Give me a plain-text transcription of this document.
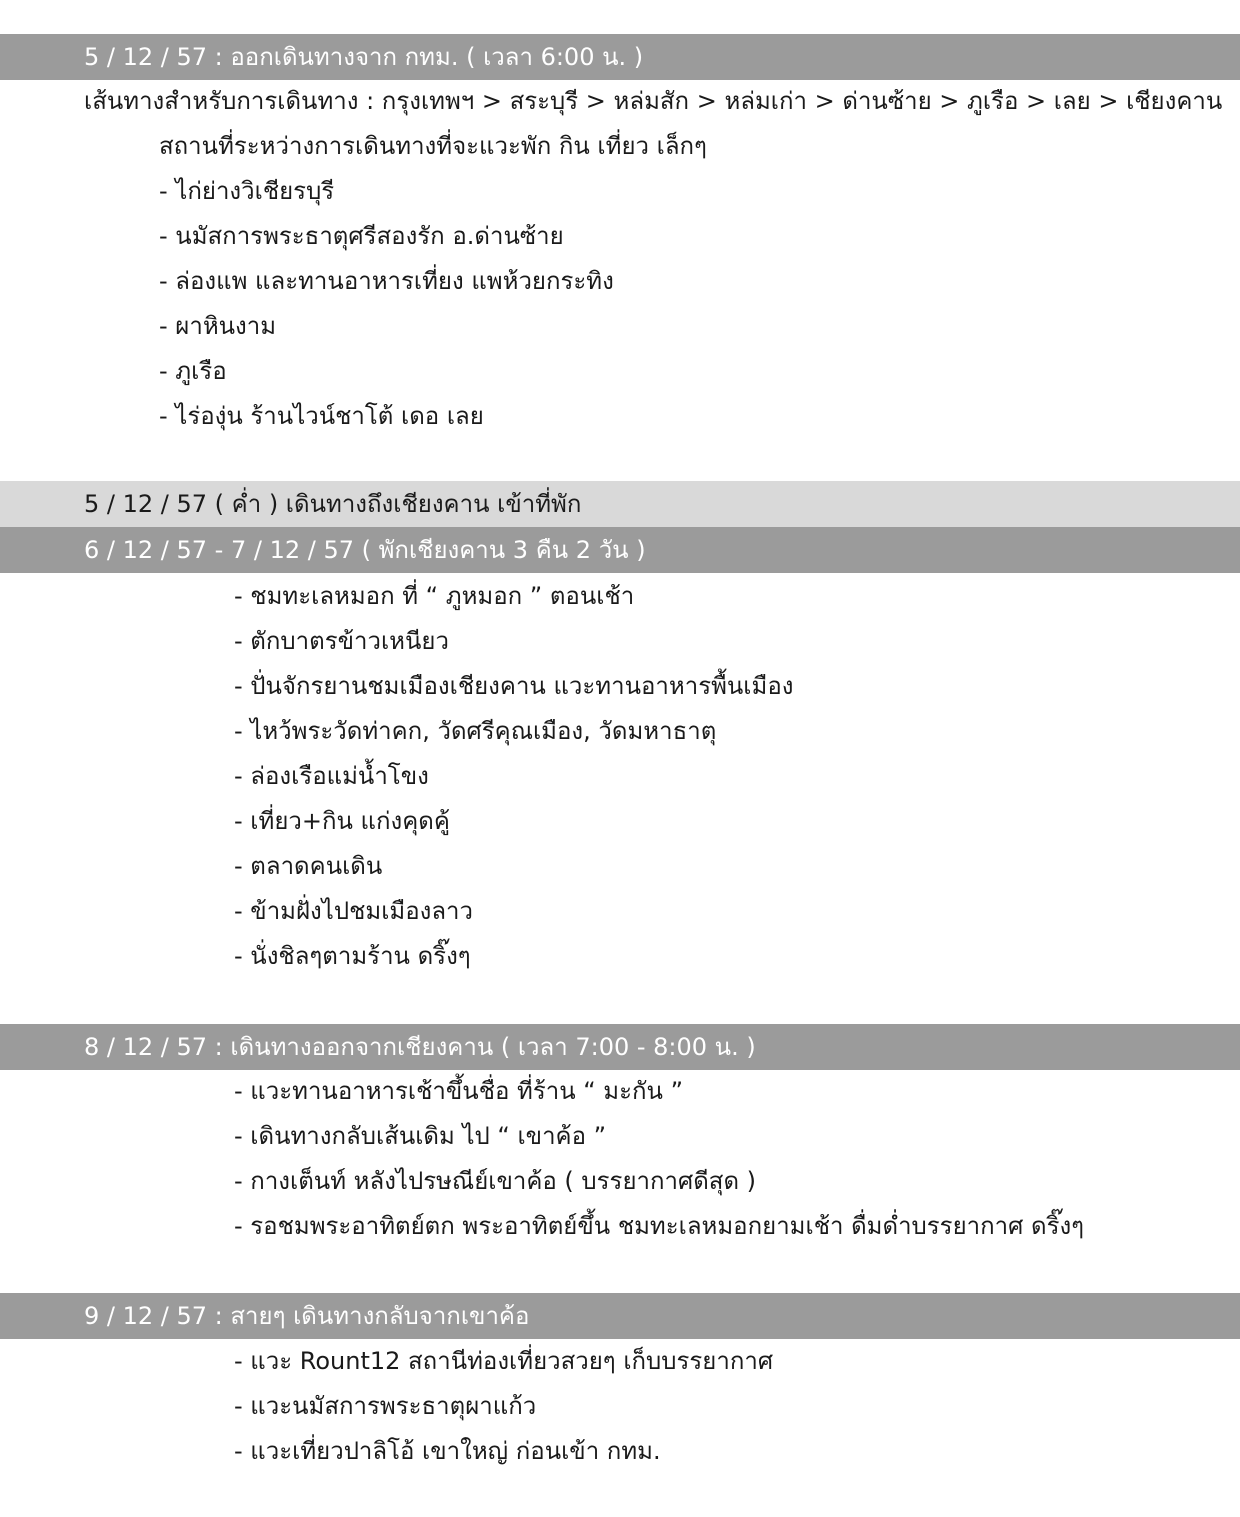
5 / 12 / 57 : ออกเดินทางจาก กทม. ( เวลา 6:00 น. )
เส้นทางสำหรับการเดินทาง : กรุงเทพฯ > สระบุรี > หล่มสัก > หล่มเก่า > ด่านซ้าย > ภูเรือ > เลย > เชียงคาน
สถานที่ระหว่างการเดินทางที่จะแวะพัก กิน เที่ยว เล็กๆ
- ไก่ย่างวิเชียรบุรี
- นมัสการพระธาตุศรีสองรัก อ.ด่านซ้าย
- ล่องแพ และทานอาหารเที่ยง แพห้วยกระทิง
- ผาหินงาม
- ภูเรือ
- ไร่องุ่น ร้านไวน์ชาโต้ เดอ เลย
5 / 12 / 57 ( ค่ำ ) เดินทางถึงเชียงคาน เข้าที่พัก
6 / 12 / 57 - 7 / 12 / 57 ( พักเชียงคาน 3 คืน 2 วัน )
- ชมทะเลหมอก ที่ “ ภูหมอก ” ตอนเช้า
- ตักบาตรข้าวเหนียว
- ปั่นจักรยานชมเมืองเชียงคาน แวะทานอาหารพื้นเมือง
- ไหว้พระวัดท่าคก, วัดศรีคุณเมือง, วัดมหาธาตุ
- ล่องเรือแม่น้ำโขง
- เที่ยว+กิน แก่งคุดคู้
- ตลาดคนเดิน
- ข้ามฝั่งไปชมเมืองลาว
- นั่งชิลๆตามร้าน ดริ๊งๆ
8 / 12 / 57 : เดินทางออกจากเชียงคาน ( เวลา 7:00 - 8:00 น. )
- แวะทานอาหารเช้าขึ้นชื่อ ที่ร้าน “ มะกัน ”
- เดินทางกลับเส้นเดิม ไป “ เขาค้อ ”
- กางเต็นท์ หลังไปรษณีย์เขาค้อ ( บรรยากาศดีสุด )
- รอชมพระอาทิตย์ตก พระอาทิตย์ขึ้น ชมทะเลหมอกยามเช้า ดื่มด่ำบรรยากาศ ดริ๊งๆ
9 / 12 / 57 : สายๆ เดินทางกลับจากเขาค้อ
- แวะ Rount12 สถานีท่องเที่ยวสวยๆ เก็บบรรยากาศ
- แวะนมัสการพระธาตุผาแก้ว
- แวะเที่ยวปาลิโอ้ เขาใหญ่ ก่อนเข้า กทม.
